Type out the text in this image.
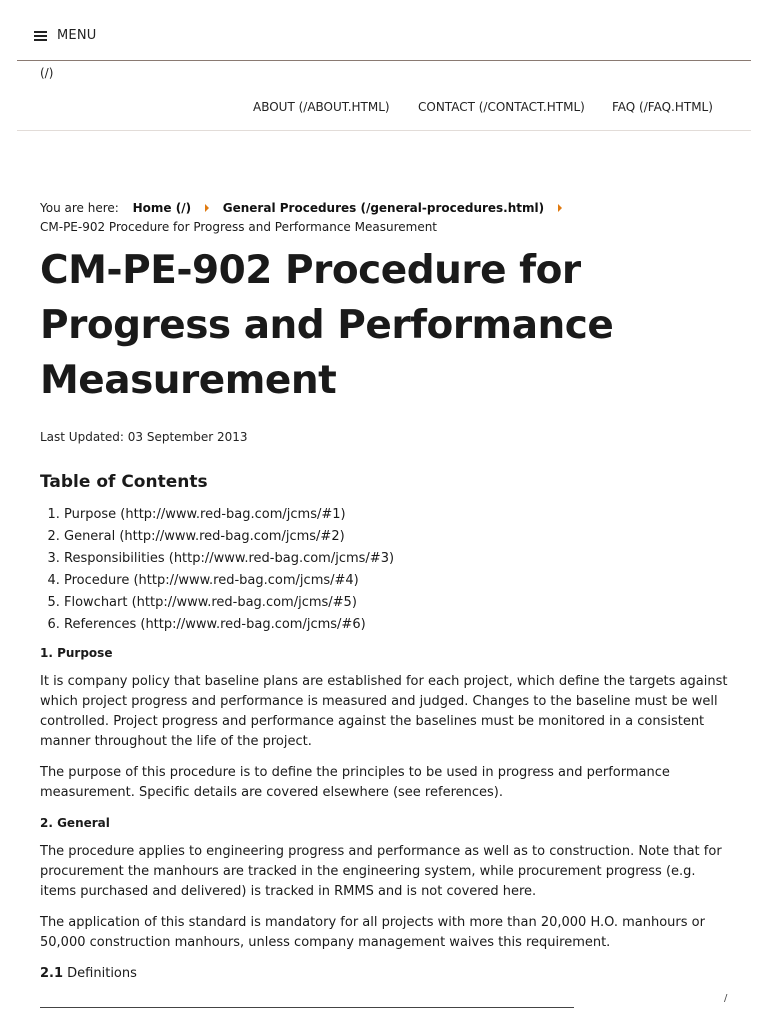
MENU
(/)
ABOUT (/ABOUT.HTML) CONTACT (/CONTACT.HTML) FAQ (/FAQ.HTML)
You are here: Home (/)	General Procedures (/general-procedures.html)
CM-PE-902 Procedure for Progress and Performance Measurement
CM-PE-902 Procedure for Progress and Performance Measurement
Last Updated: 03 September 2013
Table of Contents
1. Purpose (http://www.red-bag.com/jcms/#1)
2. General (http://www.red-bag.com/jcms/#2)
3. Responsibilities (http://www.red-bag.com/jcms/#3)
4. Procedure (http://www.red-bag.com/jcms/#4)
5. Flowchart (http://www.red-bag.com/jcms/#5)
6. References (http://www.red-bag.com/jcms/#6)
1. Purpose

It is company policy that baseline plans are established for each project, which define the targets against which project progress and performance is measured and judged. Changes to the baseline must be well controlled. Project progress and performance against the baselines must be monitored in a consistent manner throughout the life of the project.

The purpose of this procedure is to define the principles to be used in progress and performance measurement. Specific details are covered elsewhere (see references).

2. General

The procedure applies to engineering progress and performance as well as to construction. Note that for procurement the manhours are tracked in the engineering system, while procurement progress (e.g. items purchased and delivered) is tracked in RMMS and is not covered here.

The application of this standard is mandatory for all projects with more than 20,000 H.O. manhours or 50,000 construction manhours, unless company management waives this requirement.

2.1 Definitions
/
